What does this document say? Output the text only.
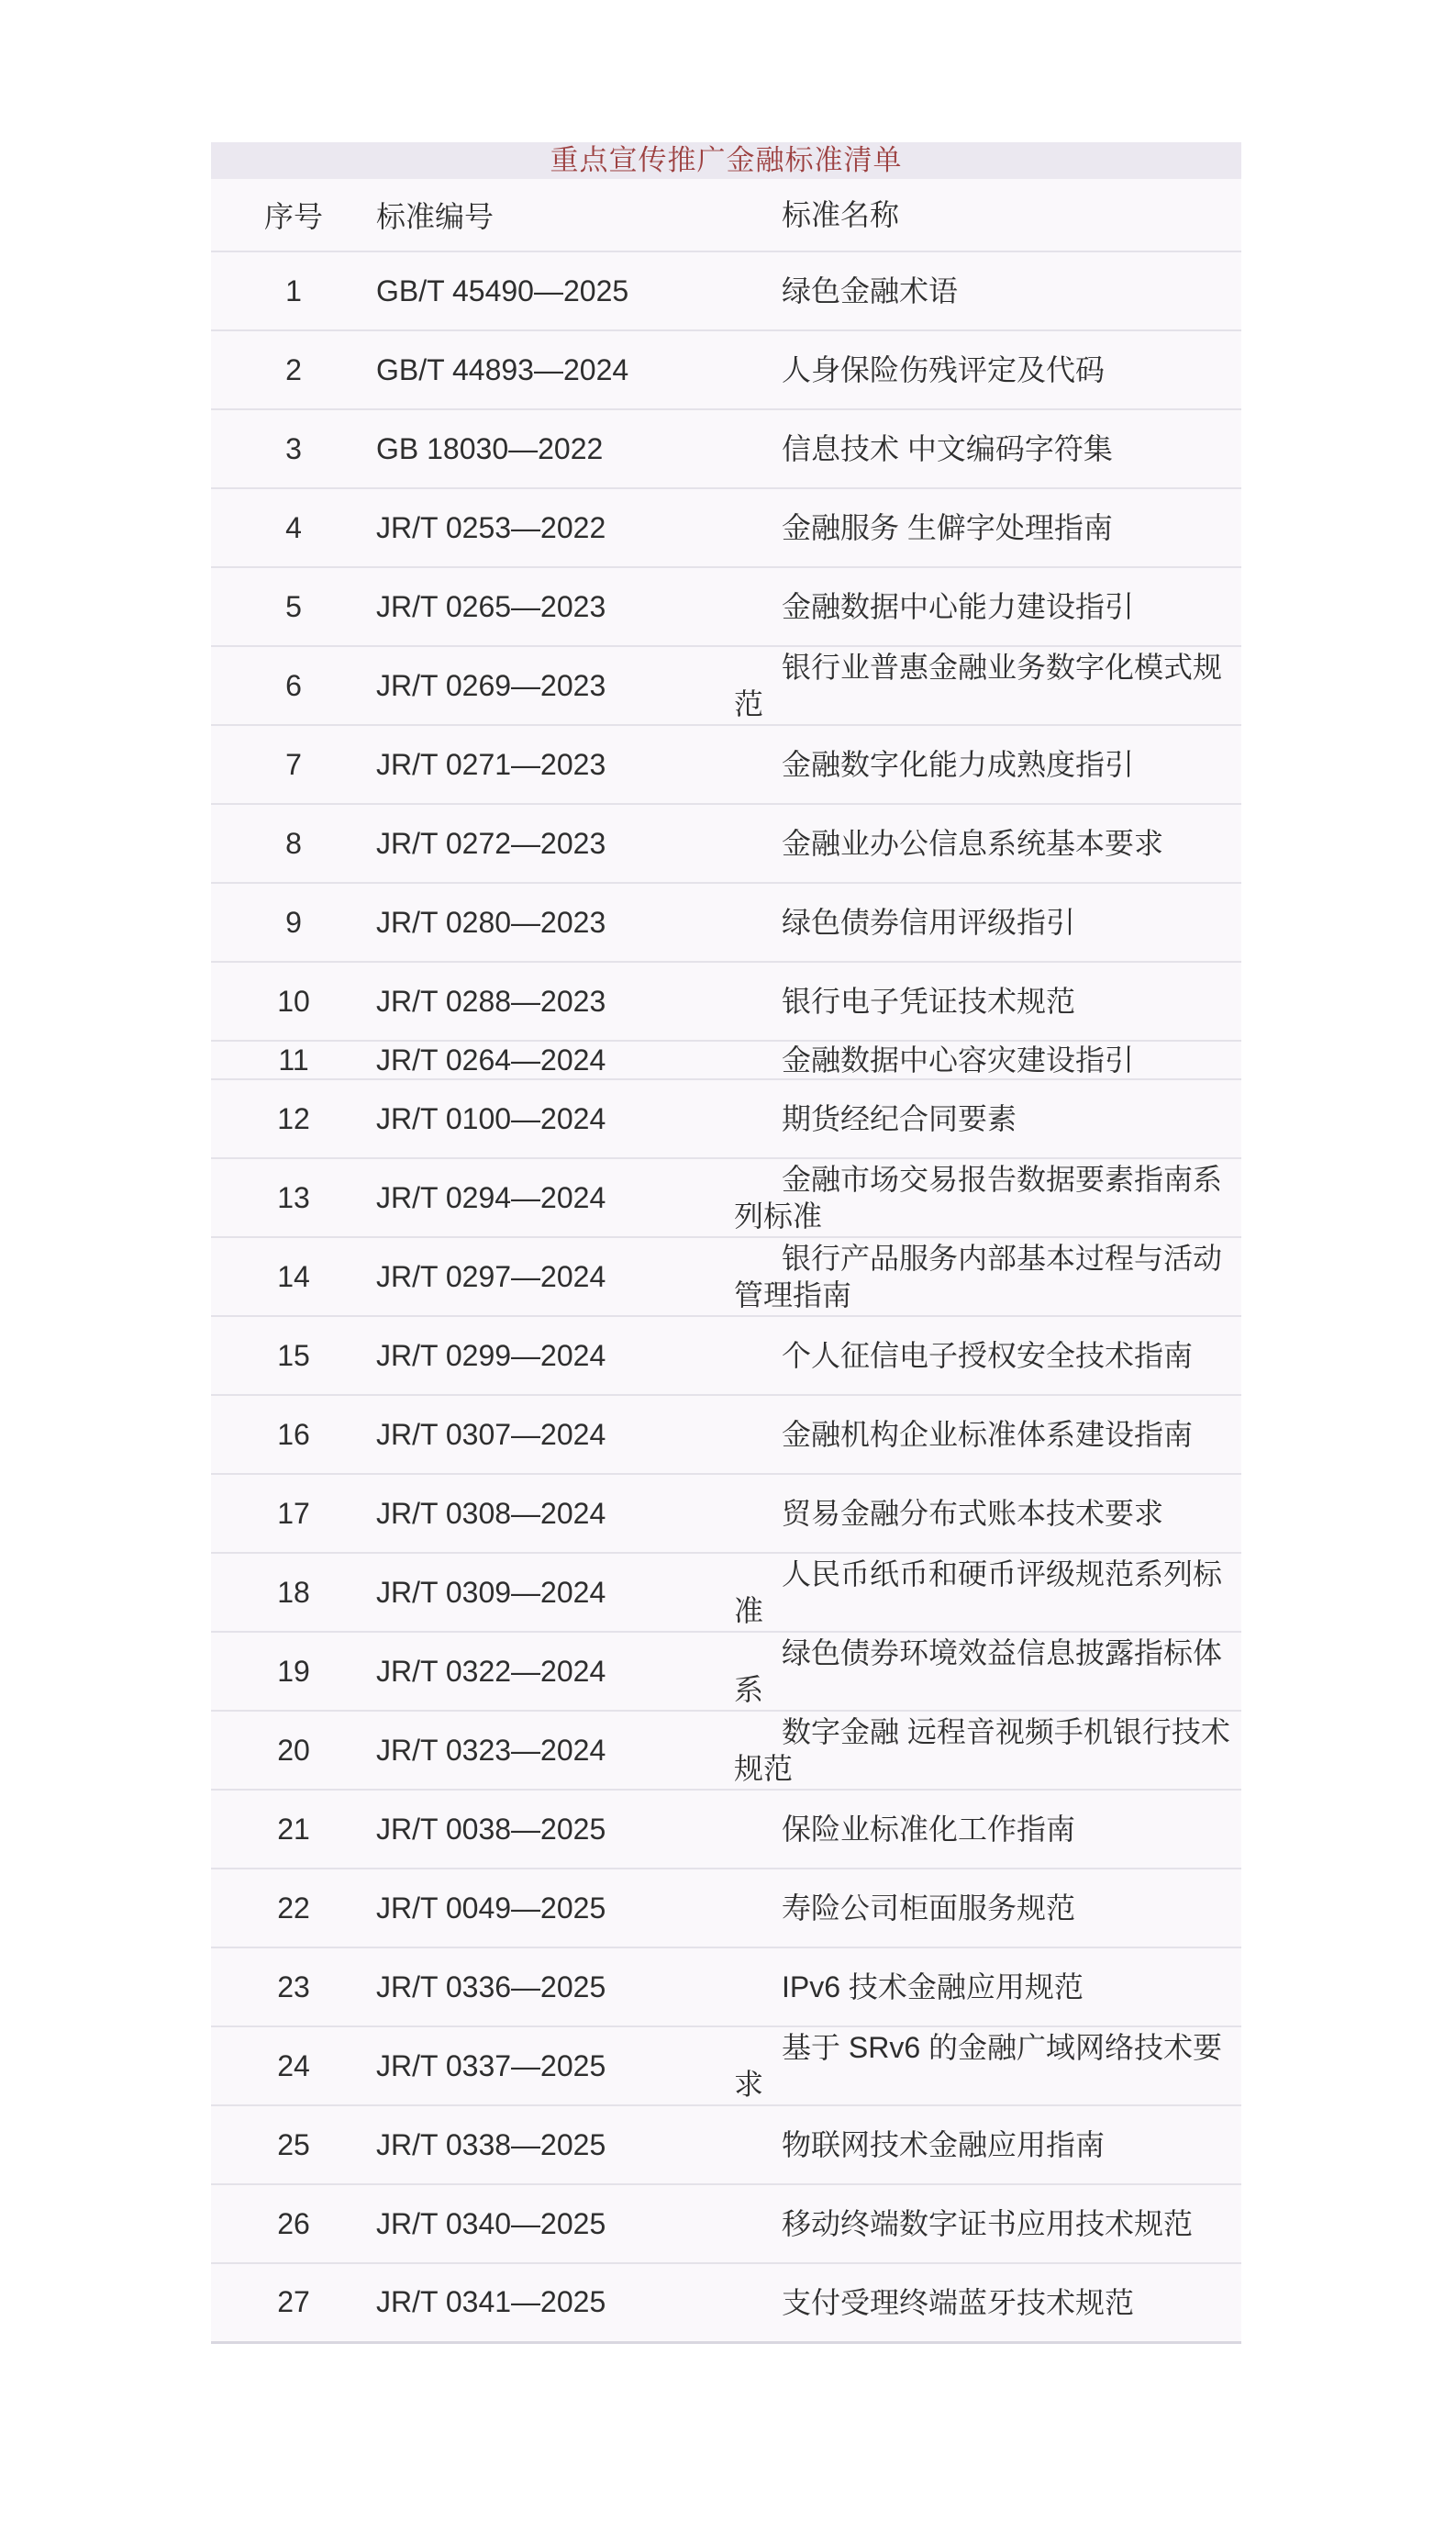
重点宣传推广金融标准清单
序号	标准编号	标准名称
1	GB/T 45490—2025	绿色金融术语
2	GB/T 44893—2024	人身保险伤残评定及代码
3	GB 18030—2022	信息技术 中文编码字符集
4	JR/T 0253—2022	金融服务 生僻字处理指南
5	JR/T 0265—2023	金融数据中心能力建设指引
6	JR/T 0269—2023	银行业普惠金融业务数字化模式规范
7	JR/T 0271—2023	金融数字化能力成熟度指引
8	JR/T 0272—2023	金融业办公信息系统基本要求
9	JR/T 0280—2023	绿色债券信用评级指引
10	JR/T 0288—2023	银行电子凭证技术规范
11	JR/T 0264—2024	金融数据中心容灾建设指引
12	JR/T 0100—2024	期货经纪合同要素
13	JR/T 0294—2024	金融市场交易报告数据要素指南系列标准
14	JR/T 0297—2024	银行产品服务内部基本过程与活动管理指南
15	JR/T 0299—2024	个人征信电子授权安全技术指南
16	JR/T 0307—2024	金融机构企业标准体系建设指南
17	JR/T 0308—2024	贸易金融分布式账本技术要求
18	JR/T 0309—2024	人民币纸币和硬币评级规范系列标准
19	JR/T 0322—2024	绿色债券环境效益信息披露指标体系
20	JR/T 0323—2024	数字金融 远程音视频手机银行技术规范
21	JR/T 0038—2025	保险业标准化工作指南
22	JR/T 0049—2025	寿险公司柜面服务规范
23	JR/T 0336—2025	IPv6 技术金融应用规范
24	JR/T 0337—2025	基于 SRv6 的金融广域网络技术要求
25	JR/T 0338—2025	物联网技术金融应用指南
26	JR/T 0340—2025	移动终端数字证书应用技术规范
27	JR/T 0341—2025	支付受理终端蓝牙技术规范
